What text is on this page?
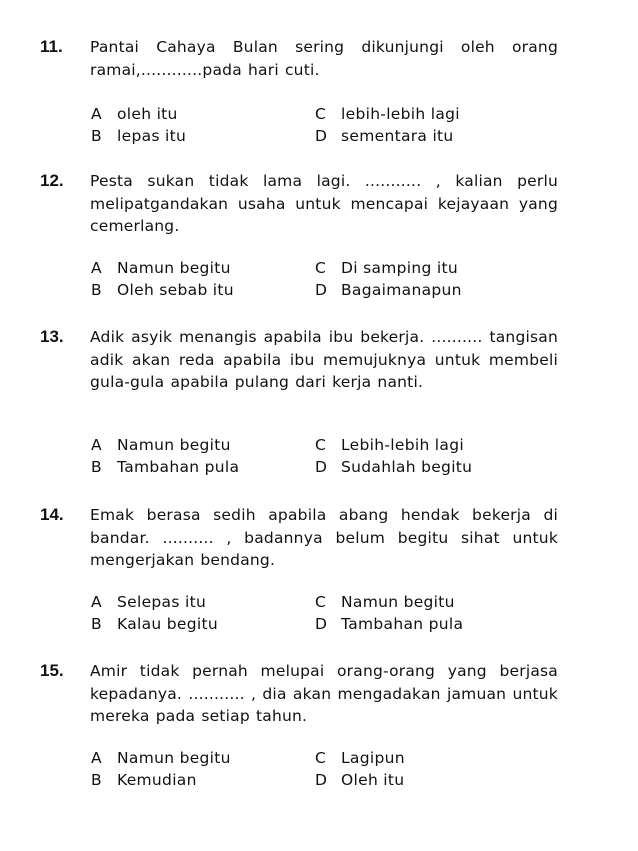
11. Pantai Cahaya Bulan sering dikunjungi oleh orang ramai,............pada hari cuti.
A oleh itu
B lepas itu
C lebih-lebih lagi
D sementara itu
12. Pesta sukan tidak lama lagi. ........... , kalian perlu melipatgandakan usaha untuk mencapai kejayaan yang cemerlang.
A Namun begitu
B Oleh sebab itu
C Di samping itu
D Bagaimanapun
13. Adik asyik menangis apabila ibu bekerja. .......... tangisan adik akan reda apabila ibu memujuknya untuk membeli gula-gula apabila pulang dari kerja nanti.
A Namun begitu
B Tambahan pula
C Lebih-lebih lagi
D Sudahlah begitu
14. Emak berasa sedih apabila abang hendak bekerja di bandar. .......... , badannya belum begitu sihat untuk mengerjakan bendang.
A Selepas itu
B Kalau begitu
C Namun begitu
D Tambahan pula
15. Amir tidak pernah melupai orang-orang yang berjasa kepadanya. ........... , dia akan mengadakan jamuan untuk mereka pada setiap tahun.
A Namun begitu
B Kemudian
C Lagipun
D Oleh itu
